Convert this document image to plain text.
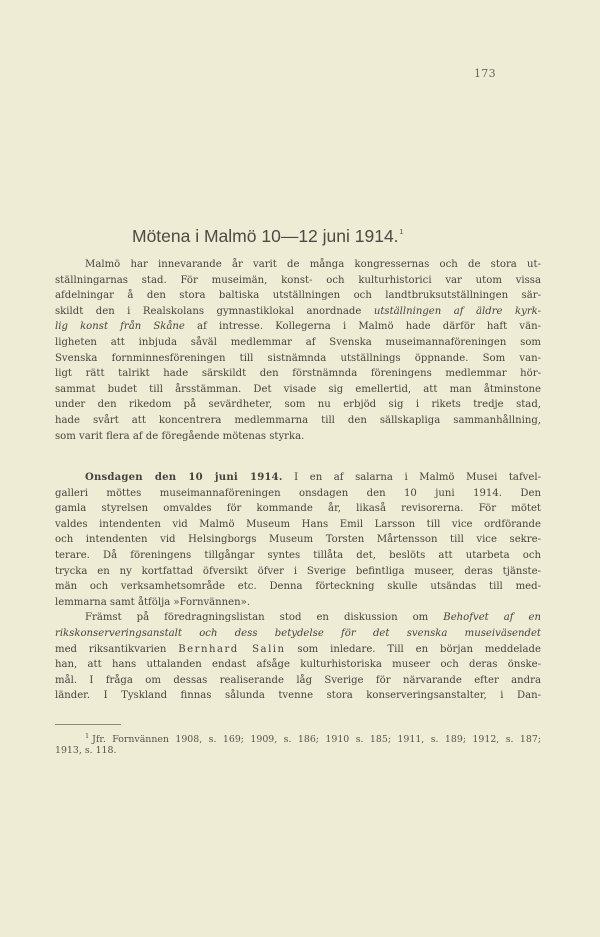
173
Mötena i Malmö 10—12 juni 1914.$^1$
Malmö har innevarande år varit de många kongressernas och de stora ut-
ställningarnas stad. För museimän, konst- och kulturhistorici var utom vissa
afdelningar å den stora baltiska utställningen och landtbruksutställningen sär-
skildt den i Realskolans gymnastiklokal anordnade utställningen af äldre kyrk-
lig konst från Skåne af intresse. Kollegerna i Malmö hade därför haft vän-
ligheten att inbjuda såväl medlemmar af Svenska museimannaföreningen som
Svenska fornminnesföreningen till sistnämnda utställnings öppnande. Som van-
ligt rätt talrikt hade särskildt den förstnämnda föreningens medlemmar hör-
sammat budet till årsstämman. Det visade sig emellertid, att man åtminstone
under den rikedom på sevärdheter, som nu erbjöd sig i rikets tredje stad,
hade svårt att koncentrera medlemmarna till den sällskapliga sammanhållning,
som varit flera af de föregående mötenas styrka.
Onsdagen den 10 juni 1914. I en af salarna i Malmö Musei tafvel-
galleri möttes museimannaföreningen onsdagen den 10 juni 1914. Den
gamla styrelsen omvaldes för kommande år, likaså revisorerna. För mötet
valdes intendenten vid Malmö Museum Hans Emil Larsson till vice ordförande
och intendenten vid Helsingborgs Museum Torsten Mårtensson till vice sekre-
terare. Då föreningens tillgångar syntes tillåta det, beslöts att utarbeta och
trycka en ny kortfattad öfversikt öfver i Sverige befintliga museer, deras tjänste-
män och verksamhetsområde etc. Denna förteckning skulle utsändas till med-
lemmarna samt åtfölja »Fornvännen».
Främst på föredragningslistan stod en diskussion om Behofvet af en
rikskonserveringsanstalt och dess betydelse för det svenska museiväsendet
med riksantikvarien Bernhard Salin som inledare. Till en början meddelade
han, att hans uttalanden endast afsåge kulturhistoriska museer och deras önske-
mål. I fråga om dessas realiserande låg Sverige för närvarande efter andra
länder. I Tyskland finnas sålunda tvenne stora konserveringsanstalter, i Dan-
$^1$ Jfr. Fornvännen 1908, s. 169; 1909, s. 186; 1910 s. 185; 1911, s. 189; 1912, s. 187;
1913, s. 118.
